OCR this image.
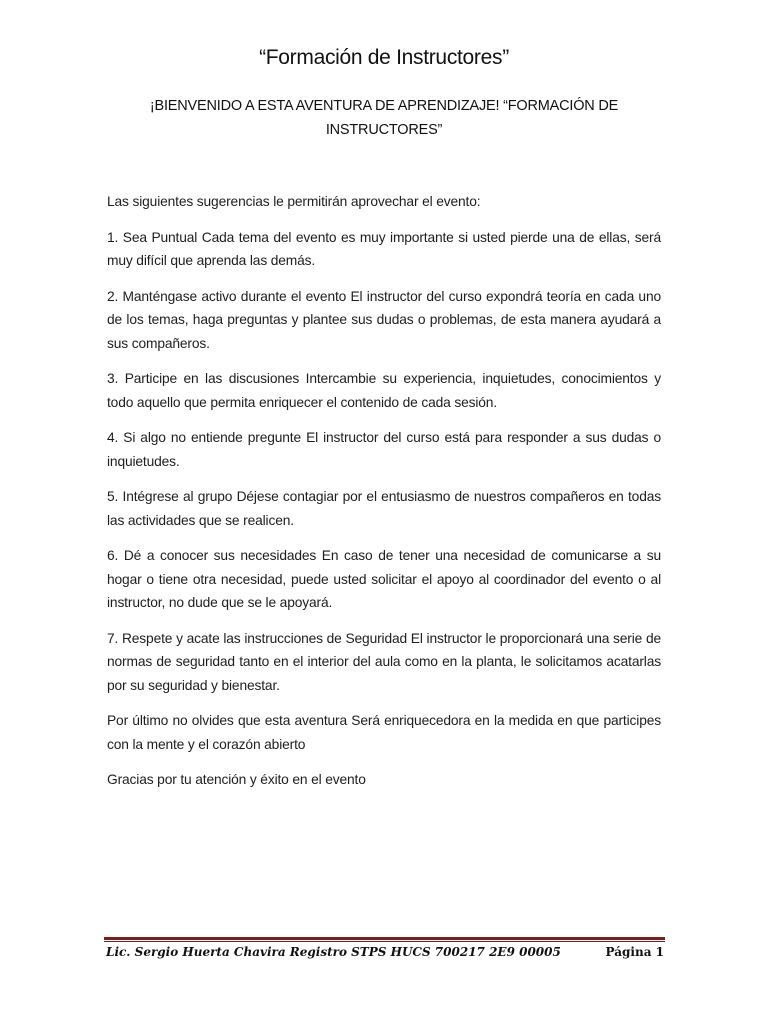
“Formación de Instructores”
¡BIENVENIDO A ESTA AVENTURA DE APRENDIZAJE! “FORMACIÓN DE INSTRUCTORES”

Las siguientes sugerencias le permitirán aprovechar el evento:

1. Sea Puntual Cada tema del evento es muy importante si usted pierde una de ellas, será muy difícil que aprenda las demás.

2. Manténgase activo durante el evento El instructor del curso expondrá teoría en cada uno de los temas, haga preguntas y plantee sus dudas o problemas, de esta manera ayudará a sus compañeros.

3. Participe en las discusiones Intercambie su experiencia, inquietudes, conocimientos y todo aquello que permita enriquecer el contenido de cada sesión.

4. Si algo no entiende pregunte El instructor del curso está para responder a sus dudas o inquietudes.

5. Intégrese al grupo Déjese contagiar por el entusiasmo de nuestros compañeros en todas las actividades que se realicen.

6. Dé a conocer sus necesidades En caso de tener una necesidad de comunicarse a su hogar o tiene otra necesidad, puede usted solicitar el apoyo al coordinador del evento o al instructor, no dude que se le apoyará.

7. Respete y acate las instrucciones de Seguridad El instructor le proporcionará una serie de normas de seguridad tanto en el interior del aula como en la planta, le solicitamos acatarlas por su seguridad y bienestar.

Por último no olvides que esta aventura Será enriquecedora en la medida en que participes con la mente y el corazón abierto

Gracias por tu atención y éxito en el evento

Lic. Sergio Huerta Chavira Registro STPS HUCS 700217 2E9 00005	Página 1
